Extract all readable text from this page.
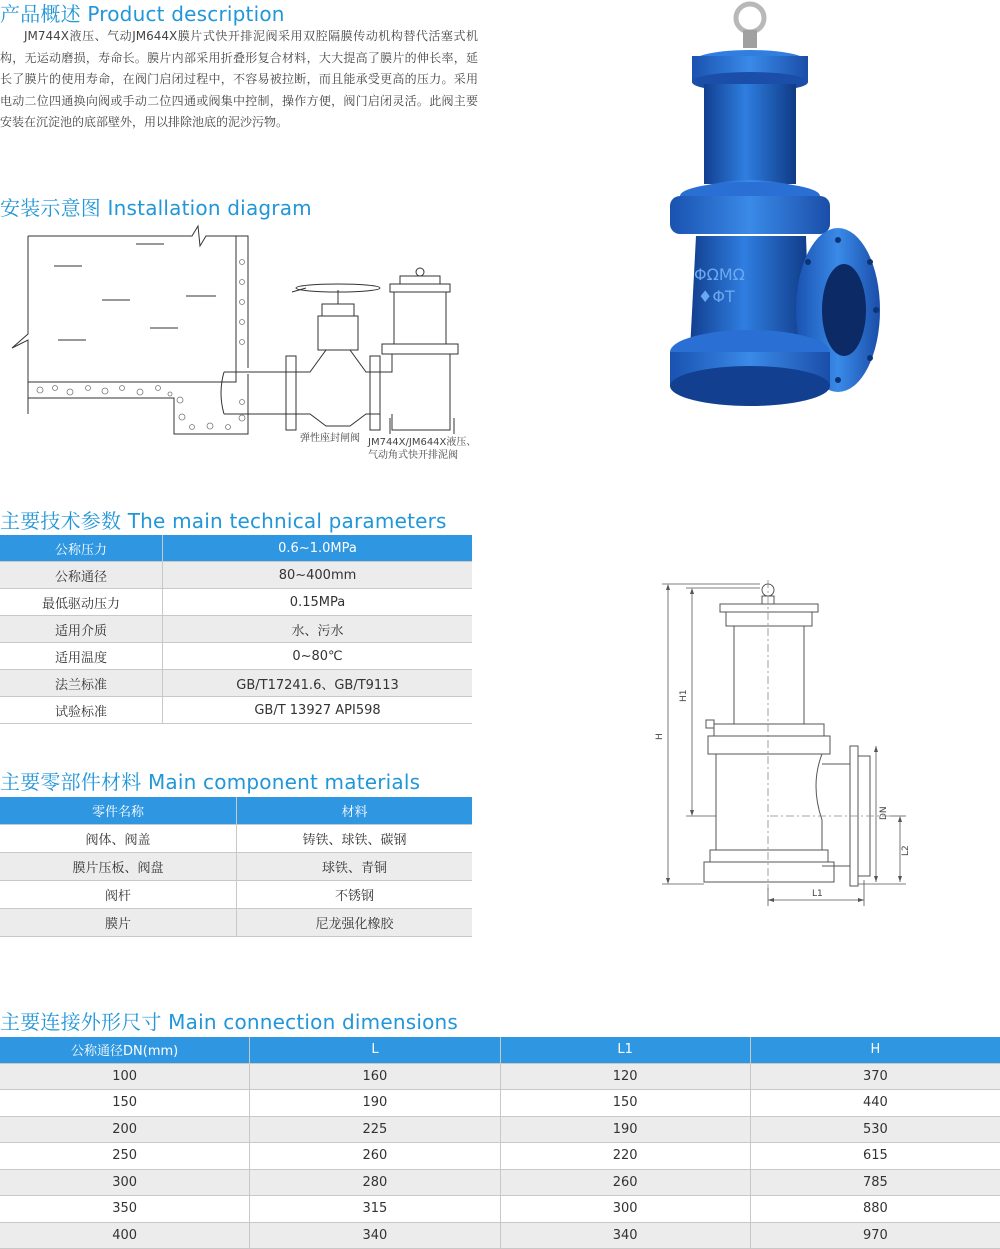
产品概述 Product description

JM744X液压、气动JM644X膜片式快开排泥阀采用双腔隔膜传动机构替代活塞式机构，无运动磨损，寿命长。膜片内部采用折叠形复合材料，大大提高了膜片的伸长率，延长了膜片的使用寿命，在阀门启闭过程中，不容易被拉断，而且能承受更高的压力。采用电动二位四通换向阀或手动二位四通或阀集中控制，操作方便，阀门启闭灵活。此阀主要安装在沉淀池的底部壁外，用以排除池底的泥沙污物。

安装示意图 Installation diagram
弹性座封闸阀 JM744X/JM644X液压、
气动角式快开排泥阀
ΦΩΜΩ
♦ΦT
H
H1
DN
L2
L1
主要技术参数 The main technical parameters
公称压力	0.6~1.0MPa
公称通径	80~400mm
最低驱动压力	0.15MPa
适用介质	水、污水
适用温度	0~80℃
法兰标准	GB/T17241.6、GB/T9113
试验标准	GB/T 13927 API598
主要零部件材料 Main component materials
零件名称	材料
阀体、阀盖	铸铁、球铁、碳钢
膜片压板、阀盘	球铁、青铜
阀杆	不锈钢
膜片	尼龙强化橡胶
主要连接外形尺寸 Main connection dimensions
公称通径DN(mm)	L	L1	H
100	160	120	370
150	190	150	440
200	225	190	530
250	260	220	615
300	280	260	785
350	315	300	880
400	340	340	970
